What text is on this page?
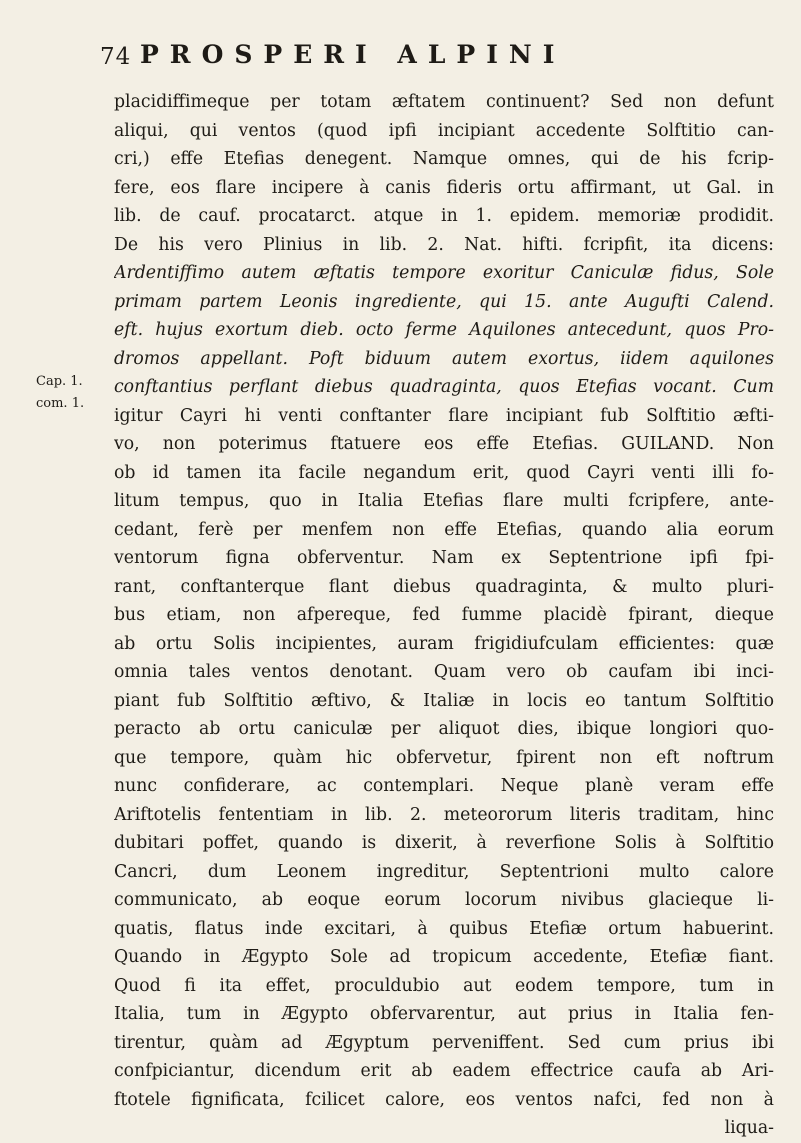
74 PROSPERI ALPINI
Cap. 1.
com. 1.
placidiffimeque per totam æftatem continuent? Sed non defunt
aliqui, qui ventos (quod ipfi incipiant accedente Solftitio can-
cri,) effe Etefias denegent. Namque omnes, qui de his fcrip-
fere, eos flare incipere à canis fideris ortu affirmant, ut Gal. in
lib. de cauf. procatarct. atque in 1. epidem. memoriæ prodidit.
De his vero Plinius in lib. 2. Nat. hifti. fcripfit, ita dicens:
Ardentiffimo autem æftatis tempore exoritur Caniculæ fidus, Sole
primam partem Leonis ingrediente, qui 15. ante Augufti Calend.
eft. hujus exortum dieb. octo ferme Aquilones antecedunt, quos Pro-
dromos appellant. Poft biduum autem exortus, iidem aquilones
conftantius perflant diebus quadraginta, quos Etefias vocant. Cum
igitur Cayri hi venti conftanter flare incipiant fub Solftitio æfti-
vo, non poterimus ftatuere eos effe Etefias. GUILAND. Non
ob id tamen ita facile negandum erit, quod Cayri venti illi fo-
litum tempus, quo in Italia Etefias flare multi fcripfere, ante-
cedant, ferè per menfem non effe Etefias, quando alia eorum
ventorum figna obferventur. Nam ex Septentrione ipfi fpi-
rant, conftanterque flant diebus quadraginta, & multo pluri-
bus etiam, non afpereque, fed fumme placidè fpirant, dieque
ab ortu Solis incipientes, auram frigidiufculam efficientes: quæ
omnia tales ventos denotant. Quam vero ob caufam ibi inci-
piant fub Solftitio æftivo, & Italiæ in locis eo tantum Solftitio
peracto ab ortu caniculæ per aliquot dies, ibique longiori quo-
que tempore, quàm hic obfervetur, fpirent non eft noftrum
nunc confiderare, ac contemplari. Neque planè veram effe
Ariftotelis fententiam in lib. 2. meteororum literis traditam, hinc
dubitari poffet, quando is dixerit, à reverfione Solis à Solftitio
Cancri, dum Leonem ingreditur, Septentrioni multo calore
communicato, ab eoque eorum locorum nivibus glacieque li-
quatis, flatus inde excitari, à quibus Etefiæ ortum habuerint.
Quando in Ægypto Sole ad tropicum accedente, Etefiæ fiant.
Quod fi ita effet, proculdubio aut eodem tempore, tum in
Italia, tum in Ægypto obfervarentur, aut prius in Italia fen-
tirentur, quàm ad Ægyptum perveniffent. Sed cum prius ibi
confpiciantur, dicendum erit ab eadem effectrice caufa ab Ari-
ftotele fignificata, fcilicet calore, eos ventos nafci, fed non à
liqua-
